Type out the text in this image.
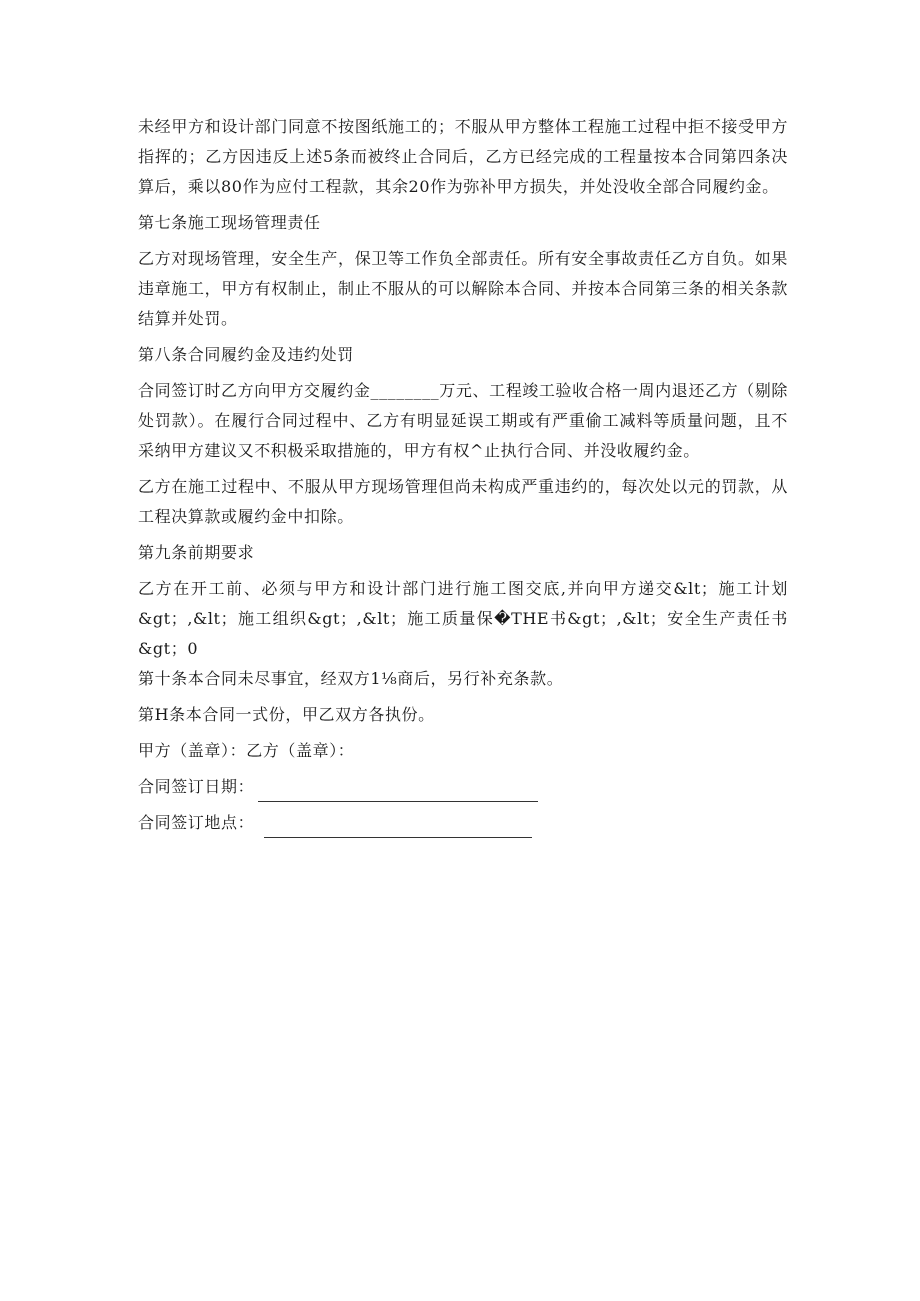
未经甲方和设计部门同意不按图纸施工的；不服从甲方整体工程施工过程中拒不接受甲方指挥的；乙方因违反上述5条而被终止合同后，乙方已经完成的工程量按本合同第四条决算后，乘以80作为应付工程款，其余20作为弥补甲方损失，并处没收全部合同履约金。

第七条施工现场管理责任

乙方对现场管理，安全生产，保卫等工作负全部责任。所有安全事故责任乙方自负。如果违章施工，甲方有权制止，制止不服从的可以解除本合同、并按本合同第三条的相关条款结算并处罚。

第八条合同履约金及违约处罚

合同签订时乙方向甲方交履约金________万元、工程竣工验收合格一周内退还乙方（剔除处罚款）。在履行合同过程中、乙方有明显延误工期或有严重偷工减料等质量问题，且不采纳甲方建议又不积极采取措施的，甲方有权^止执行合同、并没收履约金。

乙方在施工过程中、不服从甲方现场管理但尚未构成严重违约的，每次处以元的罚款，从工程决算款或履约金中扣除。

第九条前期要求

乙方在开工前、必须与甲方和设计部门进行施工图交底,并向甲方递交&lt；施工计划&gt；,&lt；施工组织&gt；,&lt；施工质量保�THE书&gt；,&lt；安全生产责任书&gt；0

第十条本合同未尽事宜，经双方1⅛商后，另行补充条款。

第H条本合同一式份，甲乙双方各执份。

甲方（盖章）：乙方（盖章）：

合同签订日期：

合同签订地点：
